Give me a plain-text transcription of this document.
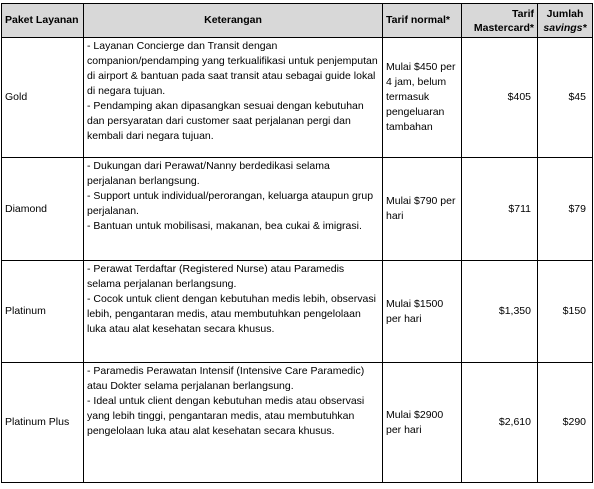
Paket Layanan	Keterangan	Tarif normal*	Tarif
Mastercard*	Jumlah
savings*
Gold	- Layanan Concierge dan Transit dengan companion/pendamping yang terkualifikasi untuk penjemputan di airport & bantuan pada saat transit atau sebagai guide lokal di negara tujuan.
- Pendamping akan dipasangkan sesuai dengan kebutuhan dan persyaratan dari customer saat perjalanan pergi dan kembali dari negara tujuan.	Mulai $450 per 4 jam, belum termasuk pengeluaran tambahan	$405	$45
Diamond	- Dukungan dari Perawat/Nanny berdedikasi selama perjalanan berlangsung.
- Support untuk individual/perorangan, keluarga ataupun grup perjalanan.
- Bantuan untuk mobilisasi, makanan, bea cukai & imigrasi.	Mulai $790 per hari	$711	$79
Platinum	- Perawat Terdaftar (Registered Nurse) atau Paramedis selama perjalanan berlangsung.
- Cocok untuk client dengan kebutuhan medis lebih, observasi lebih, pengantaran medis, atau membutuhkan pengelolaan luka atau alat kesehatan secara khusus.	Mulai $1500 per hari	$1,350	$150
Platinum Plus	- Paramedis Perawatan Intensif (Intensive Care Paramedic) atau Dokter selama perjalanan berlangsung.
- Ideal untuk client dengan kebutuhan medis atau observasi yang lebih tinggi, pengantaran medis, atau membutuhkan pengelolaan luka atau alat kesehatan secara khusus.	Mulai $2900 per hari	$2,610	$290
